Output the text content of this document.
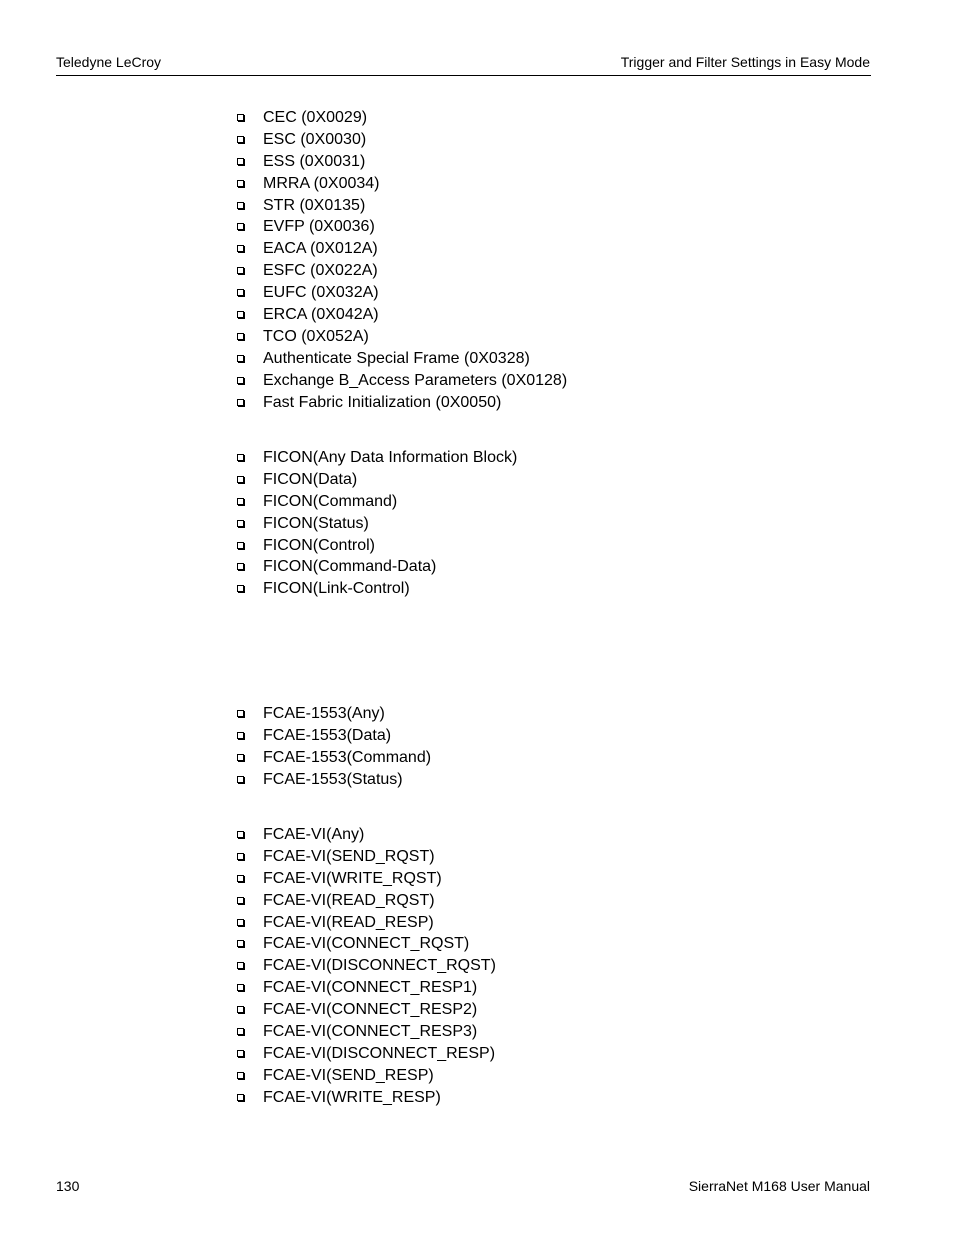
Teledyne LeCroy	Trigger and Filter Settings in Easy Mode
CEC (0X0029)
ESC (0X0030)
ESS (0X0031)
MRRA (0X0034)
STR (0X0135)
EVFP (0X0036)
EACA (0X012A)
ESFC (0X022A)
EUFC (0X032A)
ERCA (0X042A)
TCO (0X052A)
Authenticate Special Frame (0X0328)
Exchange B_Access Parameters (0X0128)
Fast Fabric Initialization (0X0050)
FICON(Any Data Information Block)
FICON(Data)
FICON(Command)
FICON(Status)
FICON(Control)
FICON(Command-Data)
FICON(Link-Control)
FCAE-1553(Any)
FCAE-1553(Data)
FCAE-1553(Command)
FCAE-1553(Status)
FCAE-VI(Any)
FCAE-VI(SEND_RQST)
FCAE-VI(WRITE_RQST)
FCAE-VI(READ_RQST)
FCAE-VI(READ_RESP)
FCAE-VI(CONNECT_RQST)
FCAE-VI(DISCONNECT_RQST)
FCAE-VI(CONNECT_RESP1)
FCAE-VI(CONNECT_RESP2)
FCAE-VI(CONNECT_RESP3)
FCAE-VI(DISCONNECT_RESP)
FCAE-VI(SEND_RESP)
FCAE-VI(WRITE_RESP)
130	SierraNet M168 User Manual
